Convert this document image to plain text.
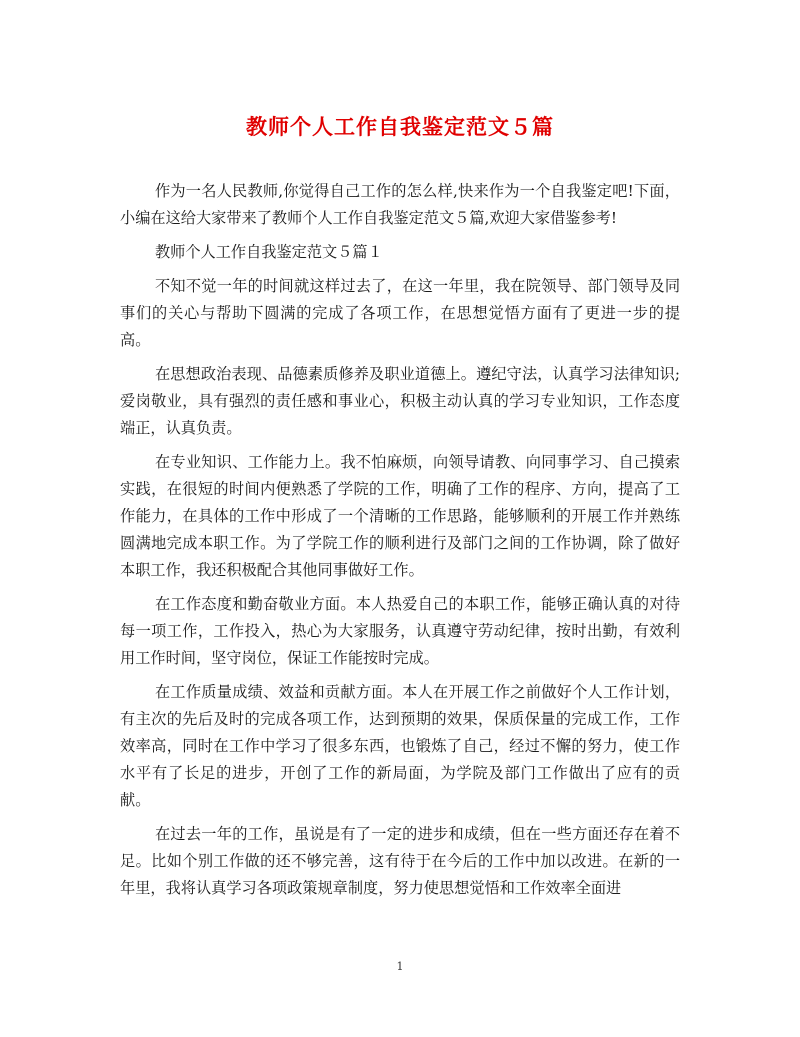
教师个人工作自我鉴定范文５篇

作为一名人民教师,你觉得自己工作的怎么样,快来作为一个自我鉴定吧!下面，小编在这给大家带来了教师个人工作自我鉴定范文５篇,欢迎大家借鉴参考!

教师个人工作自我鉴定范文５篇１

不知不觉一年的时间就这样过去了，在这一年里，我在院领导、部门领导及同事们的关心与帮助下圆满的完成了各项工作，在思想觉悟方面有了更进一步的提高。

在思想政治表现、品德素质修养及职业道德上。遵纪守法，认真学习法律知识;爱岗敬业，具有强烈的责任感和事业心，积极主动认真的学习专业知识，工作态度端正，认真负责。

在专业知识、工作能力上。我不怕麻烦，向领导请教、向同事学习、自己摸索实践，在很短的时间内便熟悉了学院的工作，明确了工作的程序、方向，提高了工作能力，在具体的工作中形成了一个清晰的工作思路，能够顺利的开展工作并熟练圆满地完成本职工作。为了学院工作的顺利进行及部门之间的工作协调，除了做好本职工作，我还积极配合其他同事做好工作。

在工作态度和勤奋敬业方面。本人热爱自己的本职工作，能够正确认真的对待每一项工作，工作投入，热心为大家服务，认真遵守劳动纪律，按时出勤，有效利用工作时间，坚守岗位，保证工作能按时完成。

在工作质量成绩、效益和贡献方面。本人在开展工作之前做好个人工作计划，有主次的先后及时的完成各项工作，达到预期的效果，保质保量的完成工作，工作效率高，同时在工作中学习了很多东西，也锻炼了自己，经过不懈的努力，使工作水平有了长足的进步，开创了工作的新局面，为学院及部门工作做出了应有的贡献。

在过去一年的工作，虽说是有了一定的进步和成绩，但在一些方面还存在着不足。比如个别工作做的还不够完善，这有待于在今后的工作中加以改进。在新的一年里，我将认真学习各项政策规章制度，努力使思想觉悟和工作效率全面进

1
